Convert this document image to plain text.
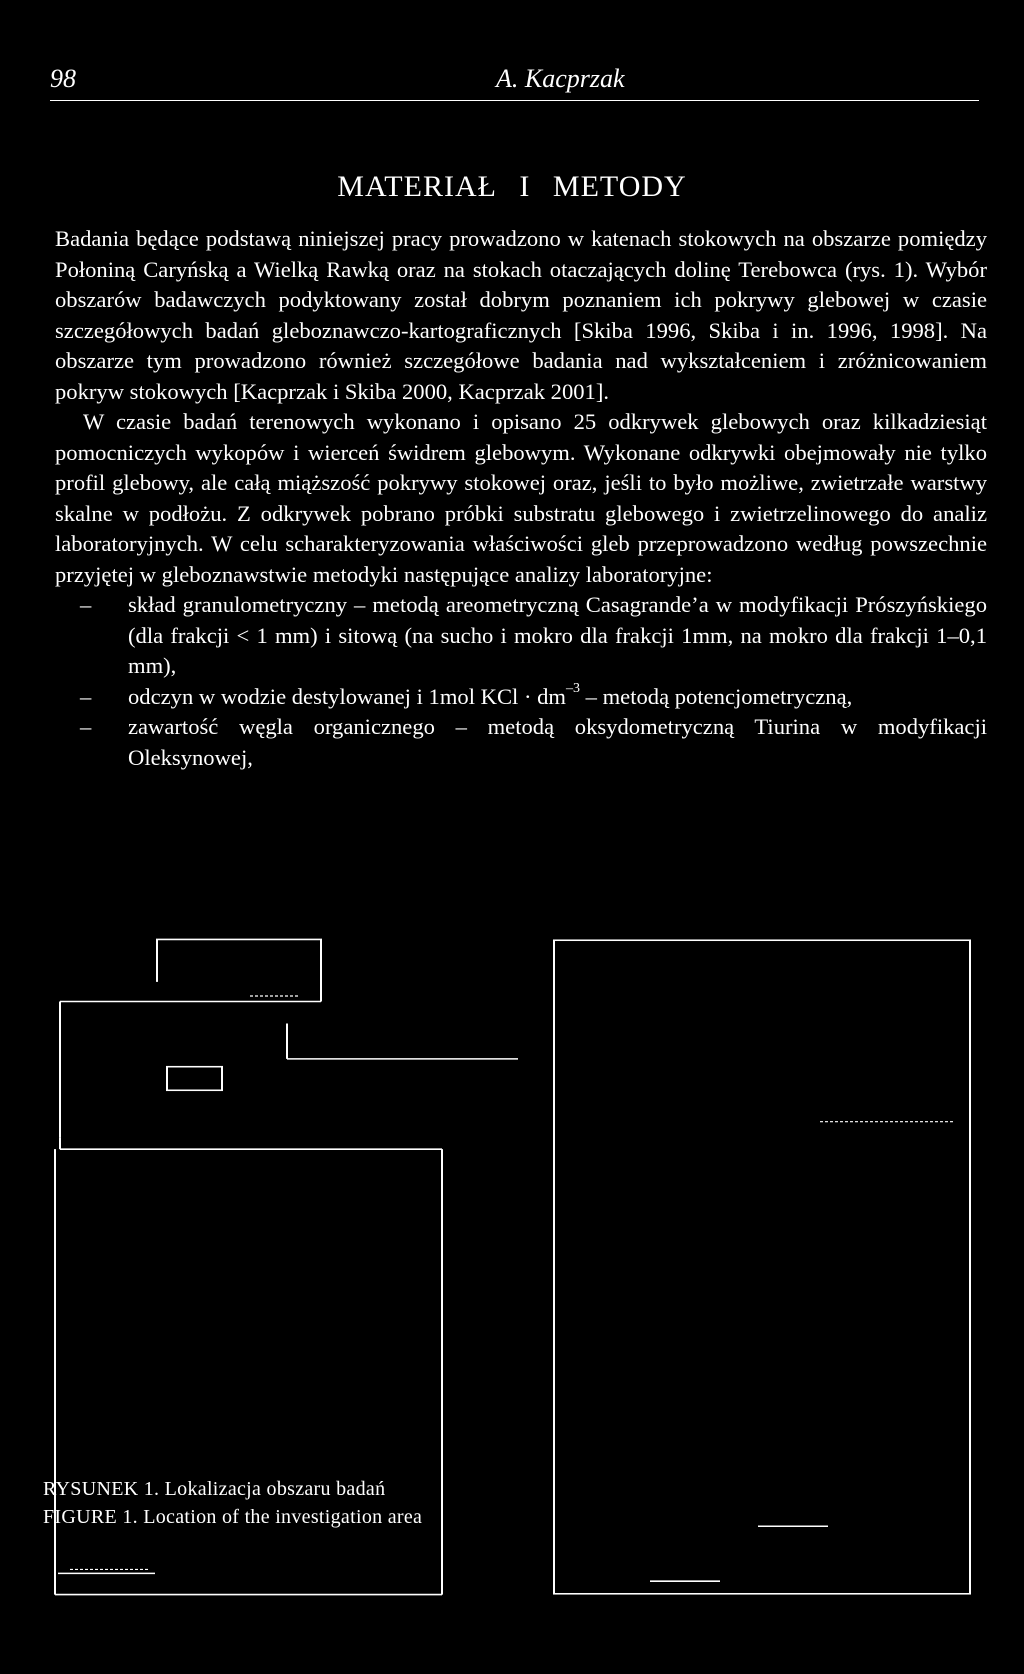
98	A. Kacprzak
MATERIAŁ I METODY

Badania będące podstawą niniejszej pracy prowadzono w katenach stokowych na obszarze pomiędzy Połoniną Caryńską a Wielką Rawką oraz na stokach otaczających dolinę Terebowca (rys. 1). Wybór obszarów badawczych podyktowany został dobrym poznaniem ich pokrywy glebowej w czasie szczegółowych badań gleboznawczo-kartograficznych [Skiba 1996, Skiba i in. 1996, 1998]. Na obszarze tym prowadzono również szczegółowe badania nad wykształceniem i zróżnicowaniem pokryw stokowych [Kacprzak i Skiba 2000, Kacprzak 2001].

W czasie badań terenowych wykonano i opisano 25 odkrywek glebowych oraz kilkadziesiąt pomocniczych wykopów i wierceń świdrem glebowym. Wykonane odkrywki obejmowały nie tylko profil glebowy, ale całą miąższość pokrywy stokowej oraz, jeśli to było możliwe, zwietrzałe warstwy skalne w podłożu. Z odkrywek pobrano próbki substratu glebowego i zwietrzelinowego do analiz laboratoryjnych. W celu scharakteryzowania właściwości gleb przeprowadzono według powszechnie przyjętej w gleboznawstwie metodyki następujące analizy laboratoryjne:

– skład granulometryczny – metodą areometryczną Casagrande’a w modyfikacji Prószyńskiego (dla frakcji < 1 mm) i sitową (na sucho i mokro dla frakcji 1mm, na mokro dla frakcji 1–0,1 mm),
– odczyn w wodzie destylowanej i 1mol KCl · $dm^{-3}$ – metodą potencjometryczną,
– zawartość węgla organicznego – metodą oksydometryczną Tiurina w modyfikacji Oleksynowej,
RYSUNEK 1. Lokalizacja obszaru badań
FIGURE 1. Location of the investigation area
